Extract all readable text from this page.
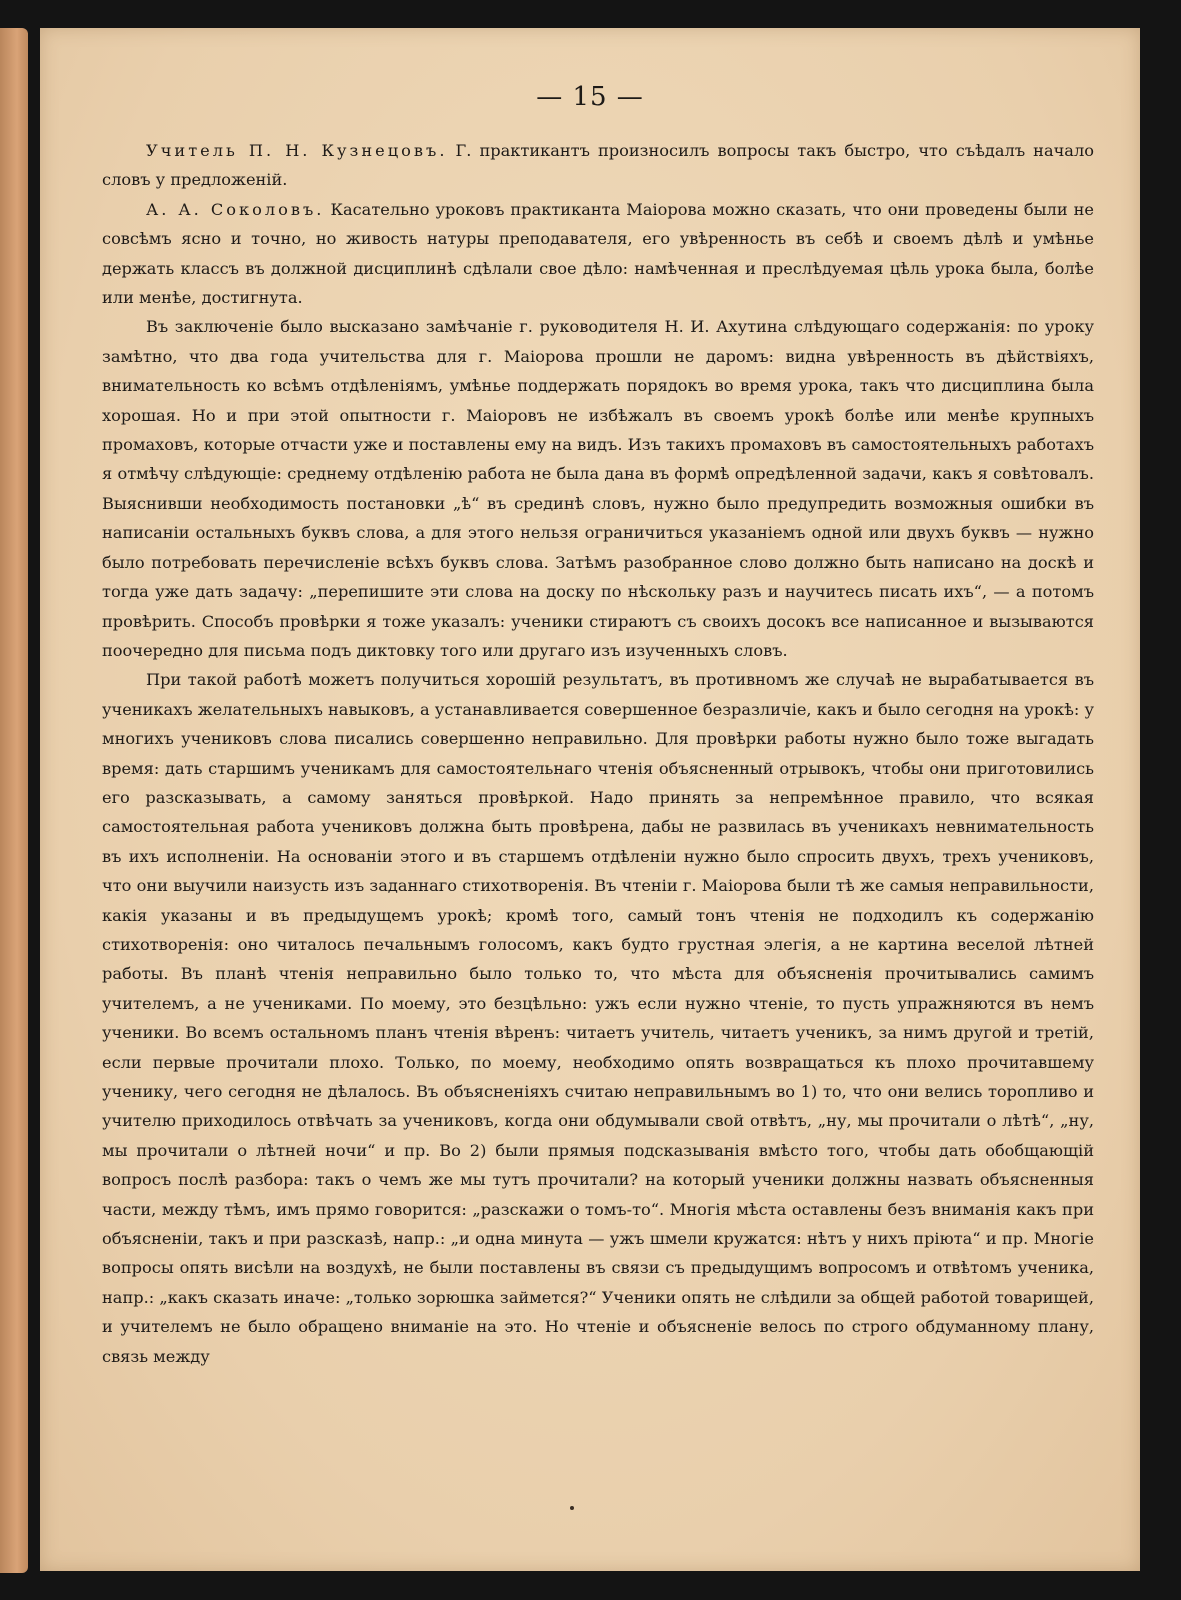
— 15 —

Учитель П. Н. Кузнецовъ. Г. практикантъ произносилъ вопросы такъ быстро, что съѣдалъ начало словъ у предложеній.

А. А. Соколовъ. Касательно уроковъ практиканта Маіорова можно сказать, что они проведены были не совсѣмъ ясно и точно, но живость натуры преподавателя, его увѣренность въ себѣ и своемъ дѣлѣ и умѣнье держать классъ въ должной дисциплинѣ сдѣлали свое дѣло: намѣченная и преслѣдуемая цѣль урока была, болѣе или менѣе, достигнута.

Въ заключеніе было высказано замѣчаніе г. руководителя Н. И. Ахутина слѣдующаго содержанія: по уроку замѣтно, что два года учительства для г. Маіорова прошли не даромъ: видна увѣренность въ дѣйствіяхъ, внимательность ко всѣмъ отдѣленіямъ, умѣнье поддержать порядокъ во время урока, такъ что дисциплина была хорошая. Но и при этой опытности г. Маіоровъ не избѣжалъ въ своемъ урокѣ болѣе или менѣе крупныхъ промаховъ, которые отчасти уже и поставлены ему на видъ. Изъ такихъ промаховъ въ самостоятельныхъ работахъ я отмѣчу слѣдующіе: среднему отдѣленію работа не была дана въ формѣ опредѣленной задачи, какъ я совѣтовалъ. Выяснивши необходимость постановки „ѣ“ въ срединѣ словъ, нужно было предупредить возможныя ошибки въ написаніи остальныхъ буквъ слова, а для этого нельзя ограничиться указаніемъ одной или двухъ буквъ — нужно было потребовать перечисленіе всѣхъ буквъ слова. Затѣмъ разобранное слово должно быть написано на доскѣ и тогда уже дать задачу: „перепишите эти слова на доску по нѣскольку разъ и научитесь писать ихъ“, — а потомъ провѣрить. Способъ провѣрки я тоже указалъ: ученики стираютъ съ своихъ досокъ все написанное и вызываются поочередно для письма подъ диктовку того или другаго изъ изученныхъ словъ.

При такой работѣ можетъ получиться хорошій результатъ, въ противномъ же случаѣ не вырабатывается въ ученикахъ желательныхъ навыковъ, а устанавливается совершенное безразличіе, какъ и было сегодня на урокѣ: у многихъ учениковъ слова писались совершенно неправильно. Для провѣрки работы нужно было тоже выгадать время: дать старшимъ ученикамъ для самостоятельнаго чтенія объясненный отрывокъ, чтобы они приготовились его разсказывать, а самому заняться провѣркой. Надо принять за непремѣнное правило, что всякая самостоятельная работа учениковъ должна быть провѣрена, дабы не развилась въ ученикахъ невнимательность въ ихъ исполненіи. На основаніи этого и въ старшемъ отдѣленіи нужно было спросить двухъ, трехъ учениковъ, что они выучили наизусть изъ заданнаго стихотворенія. Въ чтеніи г. Маіорова были тѣ же самыя неправильности, какія указаны и въ предыдущемъ урокѣ; кромѣ того, самый тонъ чтенія не подходилъ къ содержанію стихотворенія: оно читалось печальнымъ голосомъ, какъ будто грустная элегія, а не картина веселой лѣтней работы. Въ планѣ чтенія неправильно было только то, что мѣста для объясненія прочитывались самимъ учителемъ, а не учениками. По моему, это безцѣльно: ужъ если нужно чтеніе, то пусть упражняются въ немъ ученики. Во всемъ остальномъ планъ чтенія вѣренъ: читаетъ учитель, читаетъ ученикъ, за нимъ другой и третій, если первые прочитали плохо. Только, по моему, необходимо опять возвращаться къ плохо прочитавшему ученику, чего сегодня не дѣлалось. Въ объясненіяхъ считаю неправильнымъ во 1) то, что они велись торопливо и учителю приходилось отвѣчать за учениковъ, когда они обдумывали свой отвѣтъ, „ну, мы прочитали о лѣтѣ“, „ну, мы прочитали о лѣтней ночи“ и пр. Во 2) были прямыя подсказыванія вмѣсто того, чтобы дать обобщающій вопросъ послѣ разбора: такъ о чемъ же мы тутъ прочитали? на который ученики должны назвать объясненныя части, между тѣмъ, имъ прямо говорится: „разскажи о томъ-то“. Многія мѣста оставлены безъ вниманія какъ при объясненіи, такъ и при разсказѣ, напр.: „и одна минута — ужъ шмели кружатся: нѣтъ у нихъ пріюта“ и пр. Многіе вопросы опять висѣли на воздухѣ, не были поставлены въ связи съ предыдущимъ вопросомъ и отвѣтомъ ученика, напр.: „какъ сказать иначе: „только зорюшка займется?“ Ученики опять не слѣдили за общей работой товарищей, и учителемъ не было обращено вниманіе на это. Но чтеніе и объясненіе велось по строго обдуманному плану, связь между
